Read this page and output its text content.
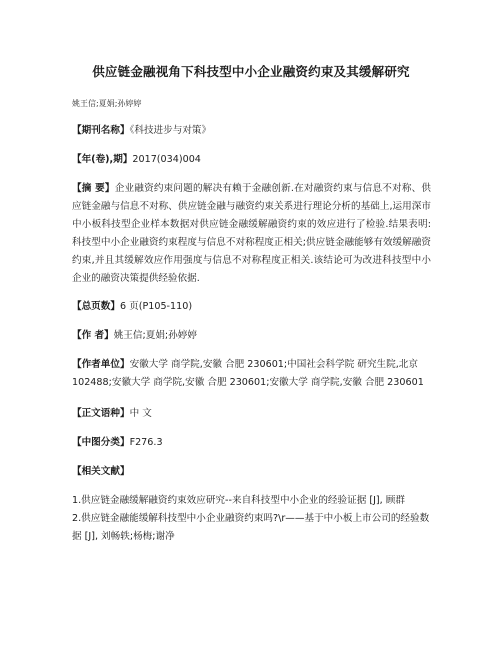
供应链金融视角下科技型中小企业融资约束及其缓解研究
姚王信;夏娟;孙婷婷
【期刊名称】《科技进步与对策》
【年(卷),期】2017(034)004
【摘 要】企业融资约束问题的解决有赖于金融创新.在对融资约束与信息不对称、供应链金融与信息不对称、供应链金融与融资约束关系进行理论分析的基础上,运用深市中小板科技型企业样本数据对供应链金融缓解融资约束的效应进行了检验.结果表明:科技型中小企业融资约束程度与信息不对称程度正相关;供应链金融能够有效缓解融资约束,并且其缓解效应作用强度与信息不对称程度正相关.该结论可为改进科技型中小企业的融资决策提供经验依据.
【总页数】6 页(P105-110)
【作 者】姚王信;夏娟;孙婷婷
【作者单位】安徽大学 商学院,安徽 合肥 230601;中国社会科学院 研究生院,北京 102488;安徽大学 商学院,安徽 合肥 230601;安徽大学 商学院,安徽 合肥 230601
【正文语种】中 文
【中图分类】F276.3
【相关文献】
1.供应链金融缓解融资约束效应研究--来自科技型中小企业的经验证据 [J], 顾群
2.供应链金融能缓解科技型中小企业融资约束吗?\r——基于中小板上市公司的经验数据 [J], 刘畅轶;杨梅;谢净
